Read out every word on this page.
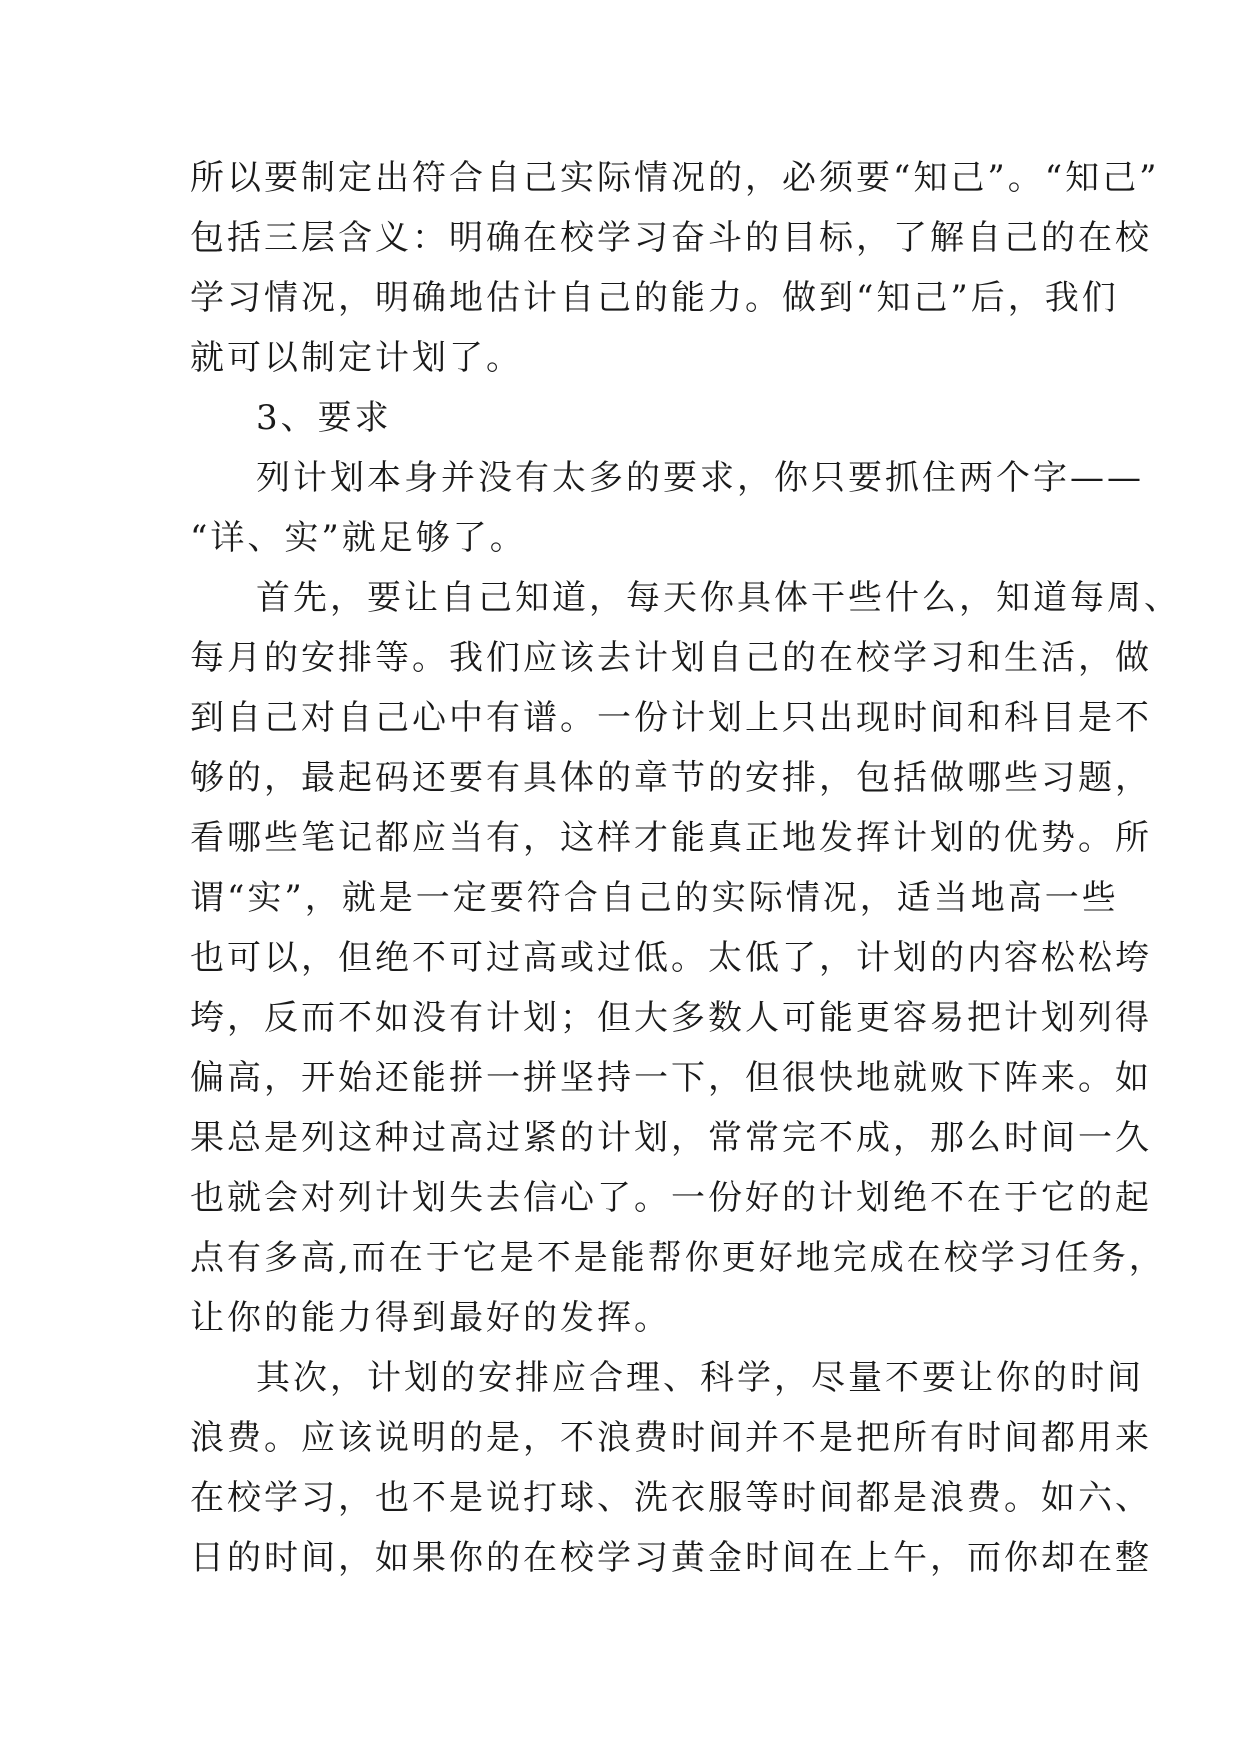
所以要制定出符合自己实际情况的，必须要“知己”。“知己”
包括三层含义：明确在校学习奋斗的目标，了解自己的在校
学习情况，明确地估计自己的能力。做到“知己”后，我们
就可以制定计划了。
3、要求
列计划本身并没有太多的要求，你只要抓住两个字——
“详、实”就足够了。
首先，要让自己知道，每天你具体干些什么，知道每周、
每月的安排等。我们应该去计划自己的在校学习和生活，做
到自己对自己心中有谱。一份计划上只出现时间和科目是不
够的，最起码还要有具体的章节的安排，包括做哪些习题，
看哪些笔记都应当有，这样才能真正地发挥计划的优势。所
谓“实”，就是一定要符合自己的实际情况，适当地高一些
也可以，但绝不可过高或过低。太低了，计划的内容松松垮
垮，反而不如没有计划；但大多数人可能更容易把计划列得
偏高，开始还能拼一拼坚持一下，但很快地就败下阵来。如
果总是列这种过高过紧的计划，常常完不成，那么时间一久
也就会对列计划失去信心了。一份好的计划绝不在于它的起
点有多高,而在于它是不是能帮你更好地完成在校学习任务，
让你的能力得到最好的发挥。
其次，计划的安排应合理、科学，尽量不要让你的时间
浪费。应该说明的是，不浪费时间并不是把所有时间都用来
在校学习，也不是说打球、洗衣服等时间都是浪费。如六、
日的时间，如果你的在校学习黄金时间在上午，而你却在整
